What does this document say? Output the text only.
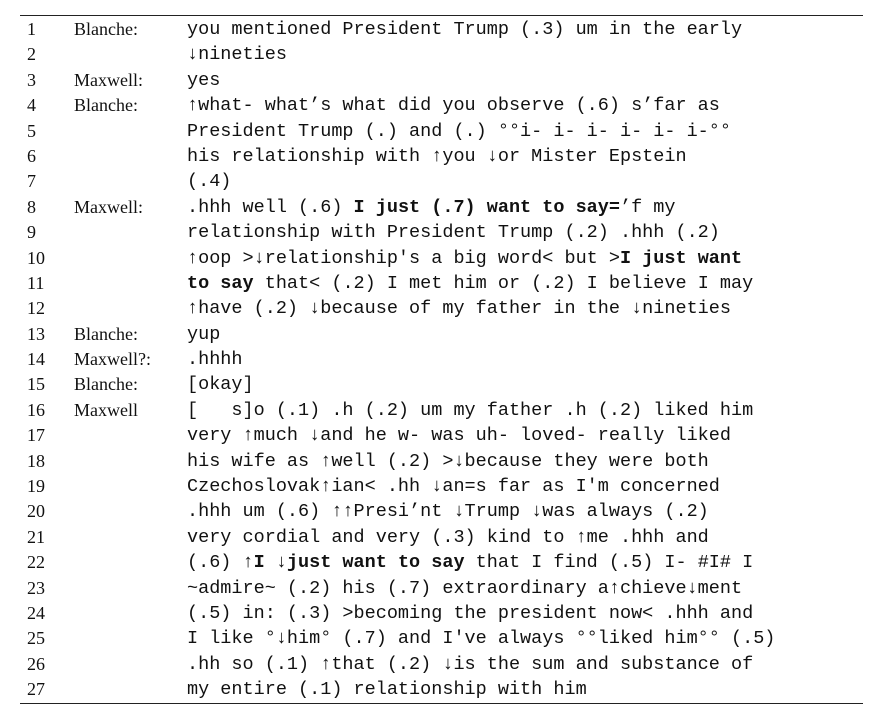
1 Blanche:	you mentioned President Trump (.3) um in the early
2	↓nineties
3 Maxwell: yes
4 Blanche:	↑what- what’s what did you observe (.6) s’far as
5	President Trump (.) and (.) °°i- i- i- i- i- i-°°
6	his relationship with ↑you ↓or Mister Epstein
7	(.4)
8 Maxwell: .hhh well (.6) I just (.7) want to say=’f my
9	relationship with President Trump (.2) .hhh (.2)
10	↑oop >↓relationship's a big word< but >I just want
11	to say that< (.2) I met him or (.2) I believe I may
12	↑have (.2) ↓because of my father in the ↓nineties
13 Blanche:	yup
14 Maxwell?: .hhhh
15 Blanche:	[okay]
16 Maxwell	[   s]o (.1) .h (.2) um my father .h (.2) liked him
17	very ↑much ↓and he w- was uh- loved- really liked
18	his wife as ↑well (.2) >↓because they were both
19	Czechoslovak↑ian< .hh ↓an=s far as I'm concerned
20	.hhh um (.6) ↑↑Presi’nt ↓Trump ↓was always (.2)
21	very cordial and very (.3) kind to ↑me .hhh and
22	(.6) ↑I ↓just want to say that I find (.5) I- #I# I
23	~admire~ (.2) his (.7) extraordinary a↑chieve↓ment
24	(.5) in: (.3) >becoming the president now< .hhh and
25	I like °↓him° (.7) and I've always °°liked him°° (.5)
26	.hh so (.1) ↑that (.2) ↓is the sum and substance of
27	my entire (.1) relationship with him
